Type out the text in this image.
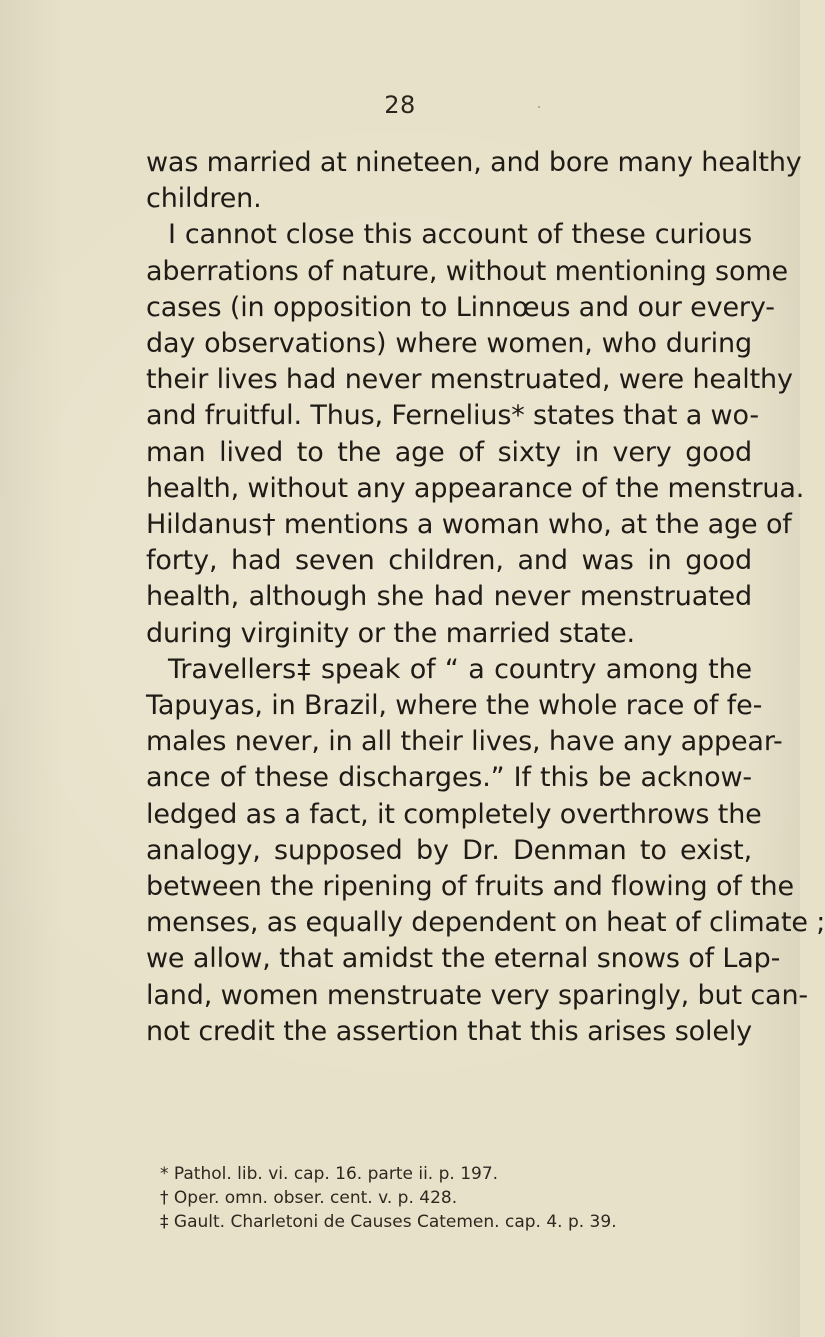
28
was married at nineteen, and bore many healthy
children.
I cannot close this account of these curious
aberrations of nature, without mentioning some
cases (in opposition to Linnœus and our every-
day observations) where women, who during
their lives had never menstruated, were healthy
and fruitful. Thus, Fernelius* states that a wo-
man lived to the age of sixty in very good
health, without any appearance of the menstrua.
Hildanus† mentions a woman who, at the age of
forty, had seven children, and was in good
health, although she had never menstruated
during virginity or the married state.
Travellers‡ speak of “ a country among the
Tapuyas, in Brazil, where the whole race of fe-
males never, in all their lives, have any appear-
ance of these discharges.” If this be acknow-
ledged as a fact, it completely overthrows the
analogy, supposed by Dr. Denman to exist,
between the ripening of fruits and flowing of the
menses, as equally dependent on heat of climate ;
we allow, that amidst the eternal snows of Lap-
land, women menstruate very sparingly, but can-
not credit the assertion that this arises solely
* Pathol. lib. vi. cap. 16. parte ii. p. 197.
† Oper. omn. obser. cent. v. p. 428.
‡ Gault. Charletoni de Causes Catemen. cap. 4. p. 39.
